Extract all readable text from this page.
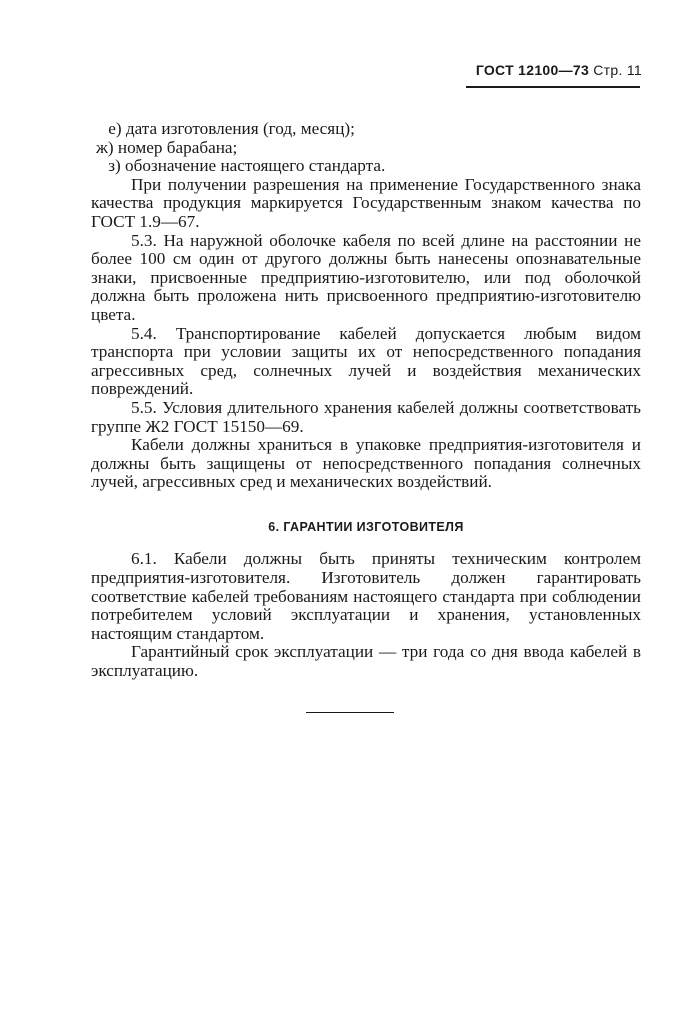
ГОСТ 12100—73 Стр. 11

е) дата изготовления (год, месяц);

ж) номер барабана;

з) обозначение настоящего стандарта.

При получении разрешения на применение Государственного знака качества продукция маркируется Государственным знаком качества по ГОСТ 1.9—67.

5.3. На наружной оболочке кабеля по всей длине на расстоянии не более 100 см один от другого должны быть нанесены опознавательные знаки, присвоенные предприятию-изготовителю, или под оболочкой должна быть проложена нить присвоенного предприятию-изготовителю цвета.

5.4. Транспортирование кабелей допускается любым видом транспорта при условии защиты их от непосредственного попадания агрессивных сред, солнечных лучей и воздействия механических повреждений.

5.5. Условия длительного хранения кабелей должны соответствовать группе Ж2 ГОСТ 15150—69.

Кабели должны храниться в упаковке предприятия-изготовителя и должны быть защищены от непосредственного попадания солнечных лучей, агрессивных сред и механических воздействий.

6. ГАРАНТИИ ИЗГОТОВИТЕЛЯ

6.1. Кабели должны быть приняты техническим контролем предприятия-изготовителя. Изготовитель должен гарантировать соответствие кабелей требованиям настоящего стандарта при соблюдении потребителем условий эксплуатации и хранения, установленных настоящим стандартом.

Гарантийный срок эксплуатации — три года со дня ввода кабелей в эксплуатацию.
